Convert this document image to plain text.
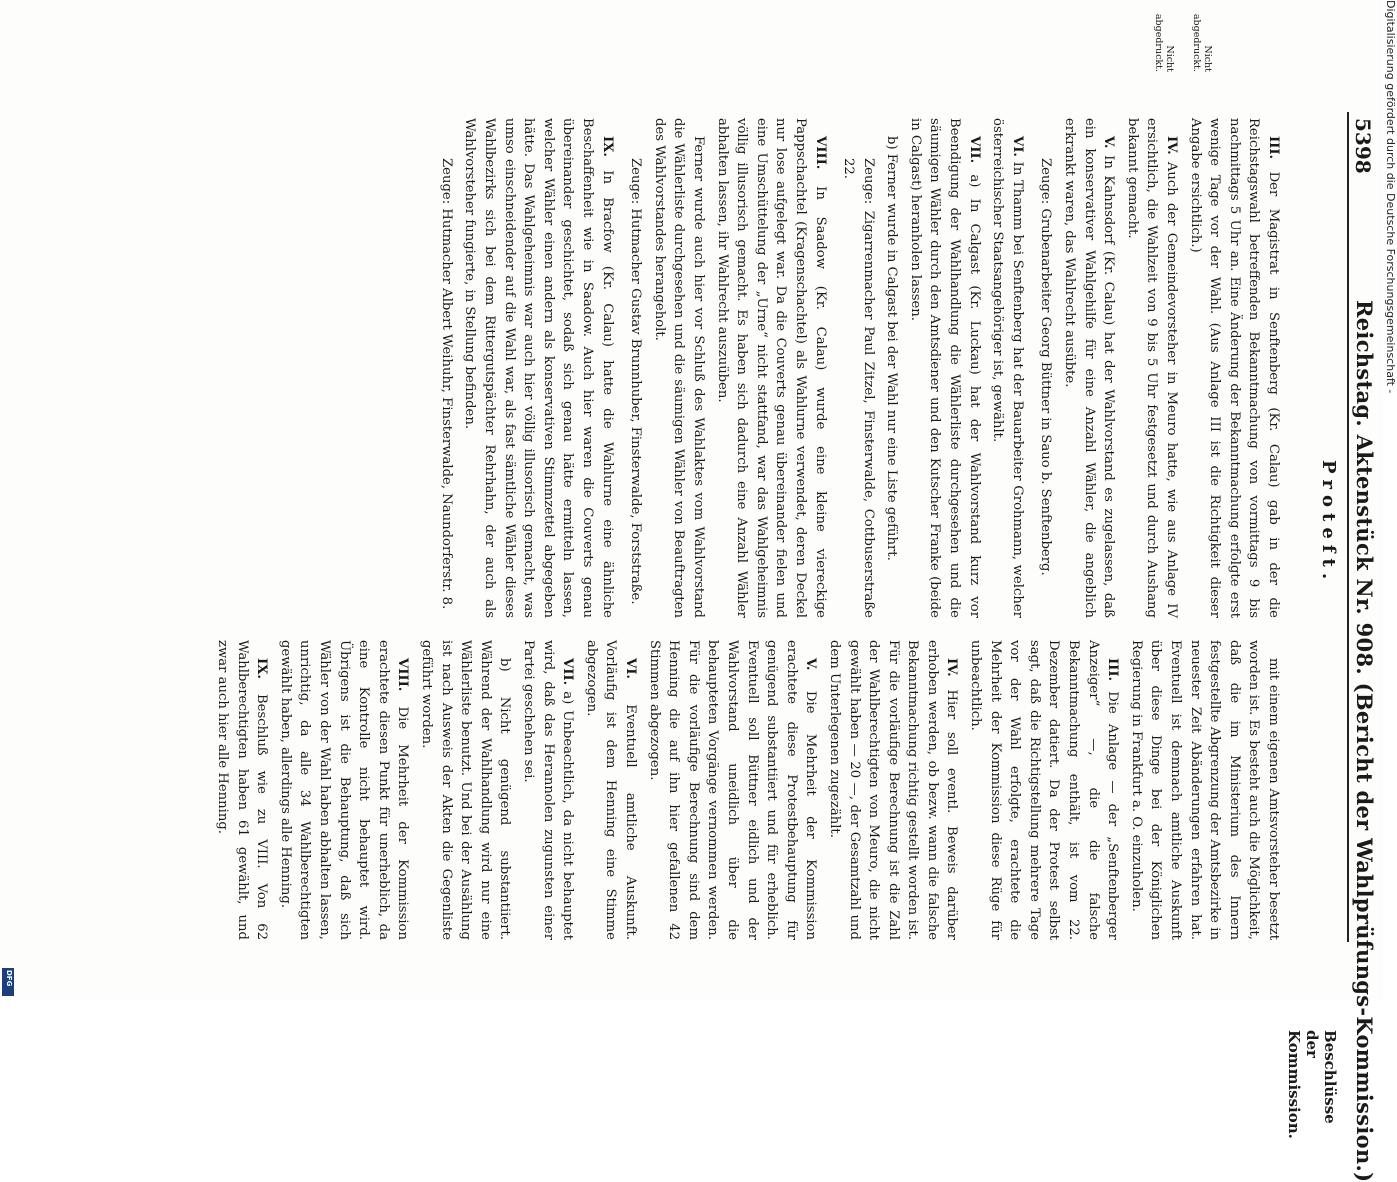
5398
Reichstag. Aktenstück Nr. 908. (Bericht der Wahlprüfungs-Kommission.)
Proteft.
Beschlüsse der Kommission.
Nicht abgedruckt.
Nicht abgedruckt.

III. Der Magistrat in Senftenberg (Kr. Calau) gab in der die Reichstagswahl betreffenden Bekanntmachung von vormittags 9 bis nachmittags 5 Uhr an. Eine Änderung der Bekanntmachung erfolgte erst wenige Tage vor der Wahl. (Aus Anlage III ist die Richtigkeit dieser Angabe ersichtlich.)

IV. Auch der Gemeindevorsteher in Meuro hatte, wie aus Anlage IV ersichtlich, die Wahlzeit von 9 bis 5 Uhr festgesetzt und durch Aushang bekannt gemacht.

V. In Kahnsdorf (Kr. Calau) hat der Wahlvorstand es zugelassen, daß ein konservativer Wahlgehilfe für eine Anzahl Wähler, die angeblich erkrankt waren, das Wahlrecht ausübte.

Zeuge: Grubenarbeiter Georg Büttner in Sauo b. Senftenberg.

VI. In Thamm bei Senftenberg hat der Bauarbeiter Grohmann, welcher österreichischer Staatsangehöriger ist, gewählt.

VII. a) In Calgast (Kr. Luckau) hat der Wahlvorstand kurz vor Beendigung der Wahlhandlung die Wählerliste durchgesehen und die säumigen Wähler durch den Amtsdiener und den Kutscher Franke (beide in Calgast) heranholen lassen.

b) Ferner wurde in Calgast bei der Wahl nur eine Liste geführt.

Zeuge: Zigarrenmacher Paul Zitzel, Finsterwalde, Cottbuserstraße 22.

VIII. In Saadow (Kr. Calau) wurde eine kleine viereckige Pappschachtel (Kragenschachtel) als Wahlurne verwendet, deren Deckel nur lose aufgelegt war. Da die Couverts genau übereinander fielen und eine Umschüttelung der „Urne“ nicht stattfand, war das Wahlgeheimnis völlig illusorisch gemacht. Es haben sich dadurch eine Anzahl Wähler abhalten lassen, ihr Wahlrecht auszuüben.

Ferner wurde auch hier vor Schluß des Wahlaktes vom Wahlvorstand die Wählerliste durchgesehen und die säumigen Wähler von Beauftragten des Wahlvorstandes herangeholt.

Zeuge: Hutmacher Gustav Brunnhuber, Finsterwalde, Forststraße.

IX. In Bracfow (Kr. Calau) hatte die Wahlurne eine ähnliche Beschaffenheit wie in Saadow. Auch hier waren die Couverts genau übereinander geschichtet, sodaß sich genau hätte ermitteln lassen, welcher Wähler einen andern als konservativen Stimmzettel abgegeben hätte. Das Wahlgeheimnis war auch hier völlig illusorisch gemacht, was umso einschneidender auf die Wahl war, als fast sämtliche Wähler dieses Wahlbezirks sich bei dem Rittergutspächter Rehrhahn, der auch als Wahlvorsteher fungierte, in Stellung befinden.

Zeuge: Hutmacher Albert Weihuhr, Finsterwalde, Naundorferstr. 8.

mit einem eigenen Amtsvorsteher besetzt worden ist. Es besteht auch die Möglichkeit, daß die im Ministerium des Innern festgestellte Abgrenzung der Amtsbezirke in neuester Zeit Abänderungen erfahren hat. Eventuell ist demnach amtliche Auskunft über diese Dinge bei der Königlichen Regierung in Frankfurt a. O. einzuholen.

III. Die Anlage — der „Senftenberger Anzeiger“ —, die die falsche Bekanntmachung enthält, ist vom 22. Dezember datiert. Da der Protest selbst sagt, daß die Richtigstellung mehrere Tage vor der Wahl erfolgte, erachtete die Mehrheit der Kommission diese Rüge für unbeachtlich.

IV. Hier soll eventl. Beweis darüber erhoben werden, ob bezw. wann die falsche Bekanntmachung richtig gestellt worden ist. Für die vorläufige Berechnung ist die Zahl der Wahlberechtigten von Meuro, die nicht gewählt haben — 20 —, der Gesamtzahl und dem Unterlegenen zugezählt.

V. Die Mehrheit der Kommission erachtete diese Protestbehauptung für genügend substantiiert und für erheblich. Eventuell soll Büttner eidlich und der Wahlvorstand uneidlich über die behaupteten Vorgänge vernommen werden. Für die vorläufige Berechnung sind dem Henning die auf ihn hier gefallenen 42 Stimmen abgezogen.

VI. Eventuell amtliche Auskunft. Vorläufig ist dem Henning eine Stimme abgezogen.

VII. a) Unbeachtlich, da nicht behauptet wird, daß das Herannolen zugunsten einer Partei geschehen sei.

b) Nicht genügend substantiiert. Während der Wahlhandlung wird nur eine Wählerliste benutzt. Und bei der Ausählung ist nach Ausweis der Akten die Gegenliste geführt worden.

VIII. Die Mehrheit der Kommission erachtete diesen Punkt für unerheblich, da eine Kontrolle nicht behauptet wird. Übrigens ist die Behauptung, daß sich Wähler von der Wahl haben abhalten lassen, unrichtig, da alle 34 Wahlberechtigten gewählt haben, allerdings alle Henning.

IX. Beschluß wie zu VIII. Von 62 Wahlberechtigten haben 61 gewählt, und zwar auch hier alle Henning.

Digitalisierung gefördert durch die Deutsche Forschungsgemeinschaft -
DFG
